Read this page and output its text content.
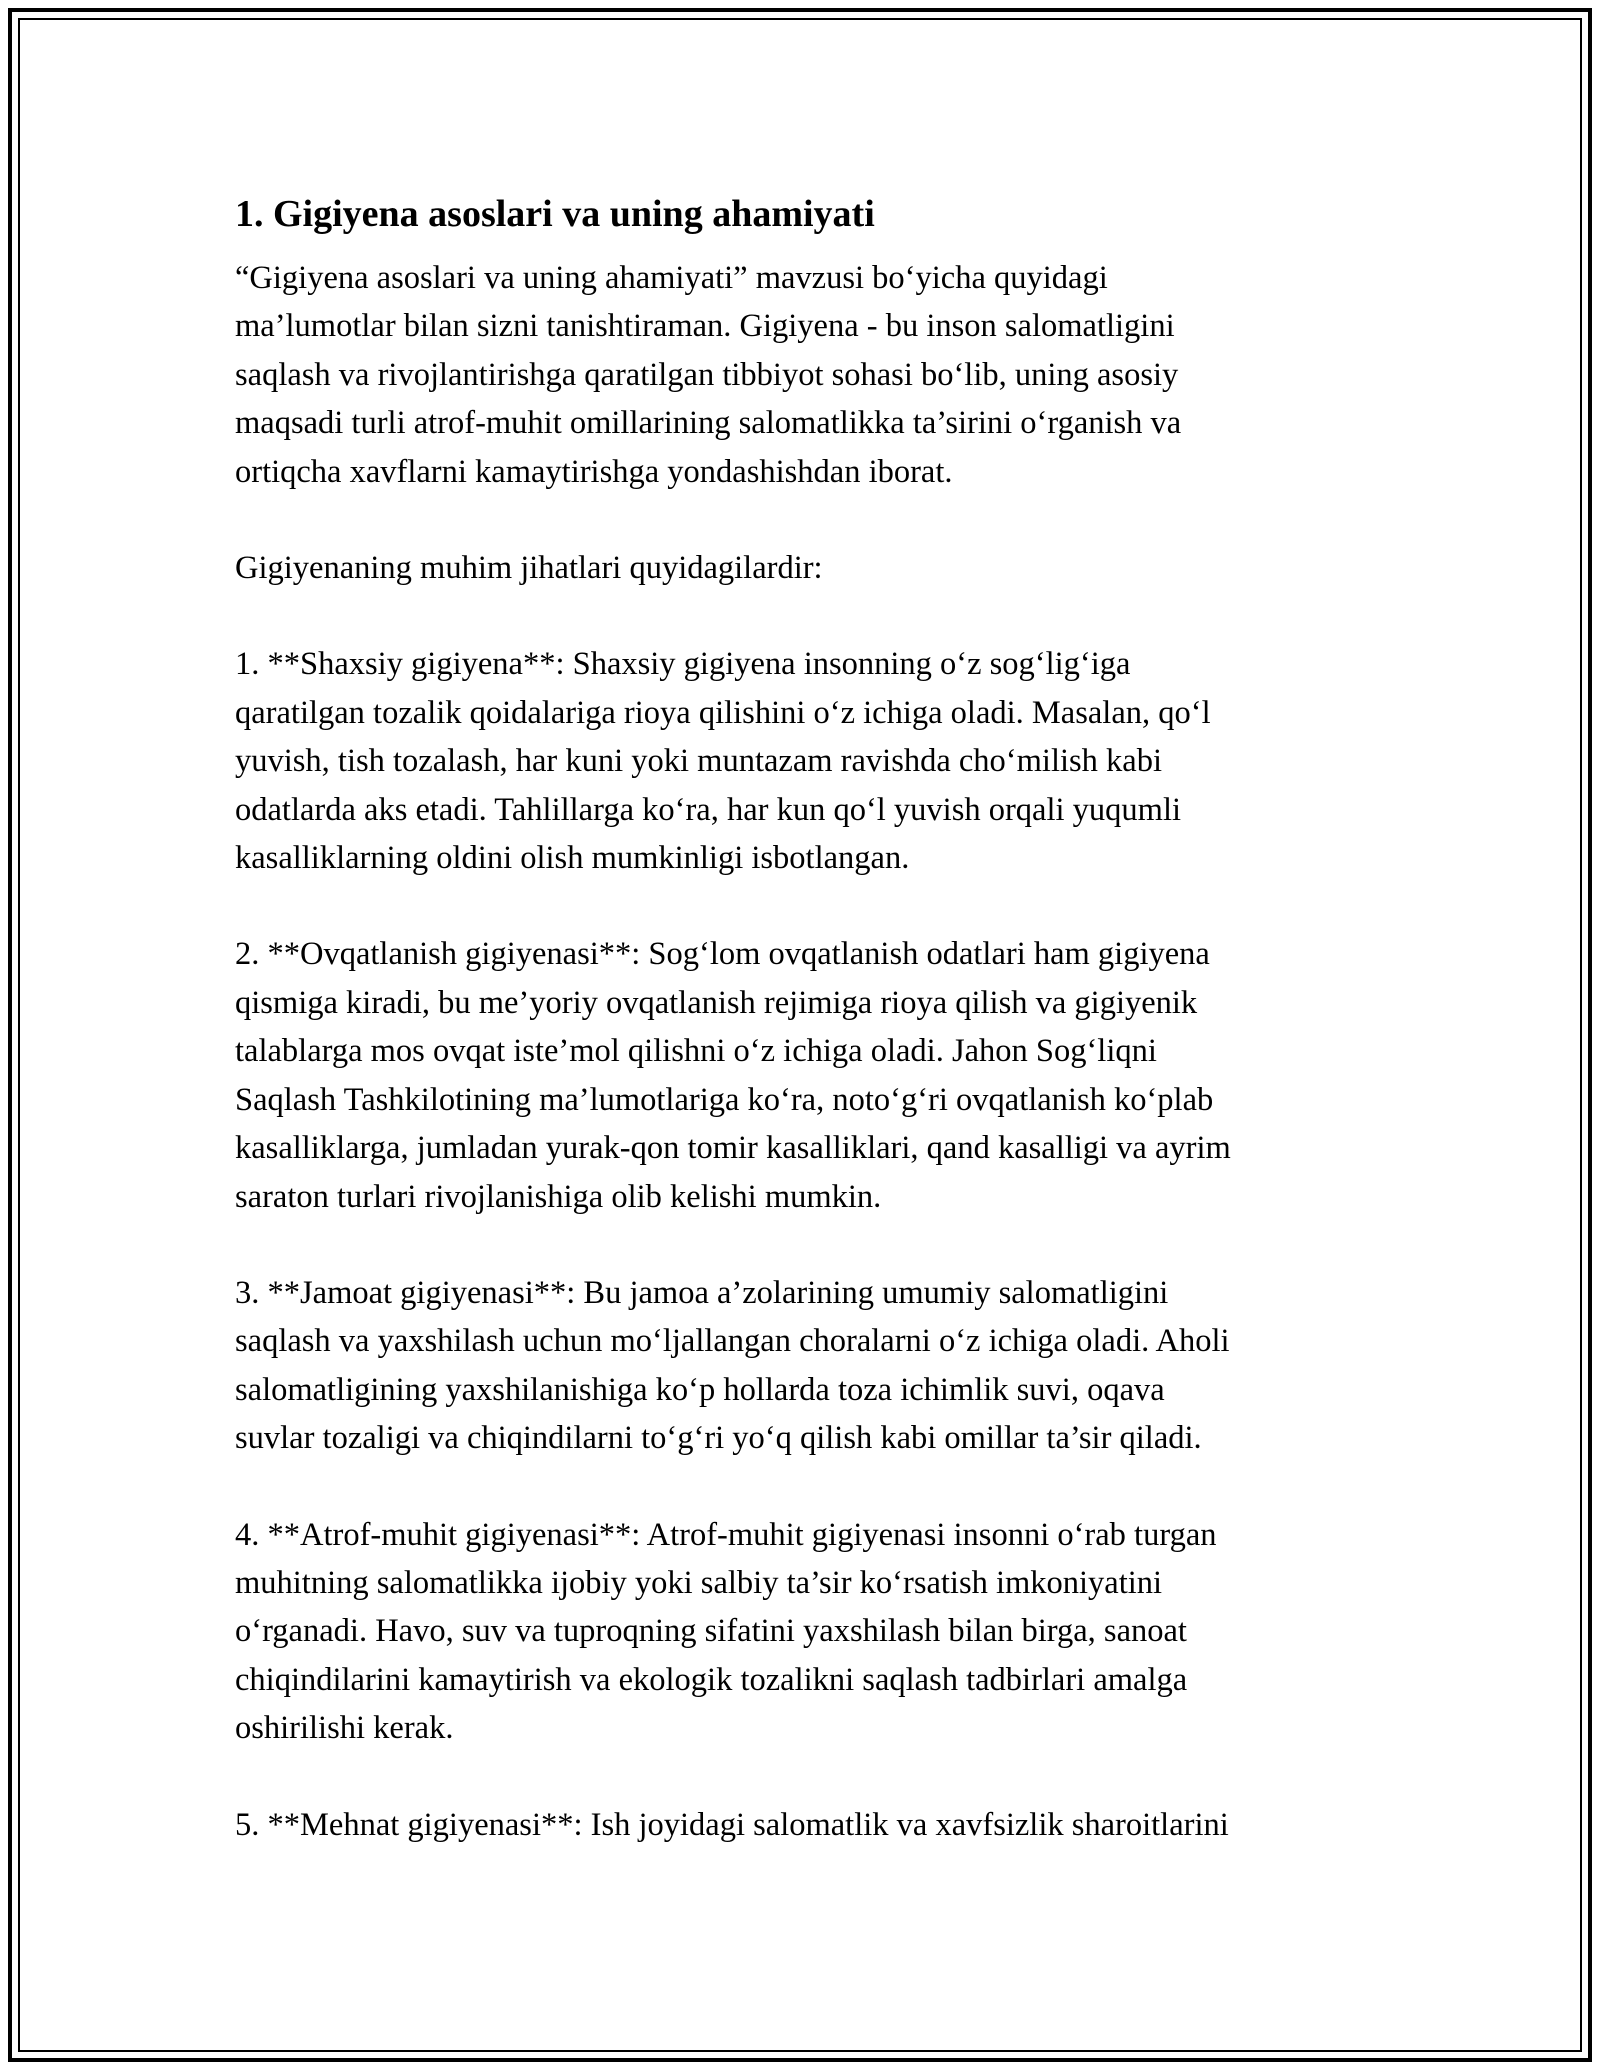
1. Gigiyena asoslari va uning ahamiyati

“Gigiyena asoslari va uning ahamiyati” mavzusi bo‘yicha quyidagi
ma’lumotlar bilan sizni tanishtiraman. Gigiyena - bu inson salomatligini
saqlash va rivojlantirishga qaratilgan tibbiyot sohasi bo‘lib, uning asosiy
maqsadi turli atrof-muhit omillarining salomatlikka ta’sirini o‘rganish va
ortiqcha xavflarni kamaytirishga yondashishdan iborat.

Gigiyenaning muhim jihatlari quyidagilardir:

1. **Shaxsiy gigiyena**: Shaxsiy gigiyena insonning o‘z sog‘lig‘iga
qaratilgan tozalik qoidalariga rioya qilishini o‘z ichiga oladi. Masalan, qo‘l
yuvish, tish tozalash, har kuni yoki muntazam ravishda cho‘milish kabi
odatlarda aks etadi. Tahlillarga ko‘ra, har kun qo‘l yuvish orqali yuqumli
kasalliklarning oldini olish mumkinligi isbotlangan.

2. **Ovqatlanish gigiyenasi**: Sog‘lom ovqatlanish odatlari ham gigiyena
qismiga kiradi, bu me’yoriy ovqatlanish rejimiga rioya qilish va gigiyenik
talablarga mos ovqat iste’mol qilishni o‘z ichiga oladi. Jahon Sog‘liqni
Saqlash Tashkilotining ma’lumotlariga ko‘ra, noto‘g‘ri ovqatlanish ko‘plab
kasalliklarga, jumladan yurak-qon tomir kasalliklari, qand kasalligi va ayrim
saraton turlari rivojlanishiga olib kelishi mumkin.

3. **Jamoat gigiyenasi**: Bu jamoa a’zolarining umumiy salomatligini
saqlash va yaxshilash uchun mo‘ljallangan choralarni o‘z ichiga oladi. Aholi
salomatligining yaxshilanishiga ko‘p hollarda toza ichimlik suvi, oqava
suvlar tozaligi va chiqindilarni to‘g‘ri yo‘q qilish kabi omillar ta’sir qiladi.

4. **Atrof-muhit gigiyenasi**: Atrof-muhit gigiyenasi insonni o‘rab turgan
muhitning salomatlikka ijobiy yoki salbiy ta’sir ko‘rsatish imkoniyatini
o‘rganadi. Havo, suv va tuproqning sifatini yaxshilash bilan birga, sanoat
chiqindilarini kamaytirish va ekologik tozalikni saqlash tadbirlari amalga
oshirilishi kerak.

5. **Mehnat gigiyenasi**: Ish joyidagi salomatlik va xavfsizlik sharoitlarini
